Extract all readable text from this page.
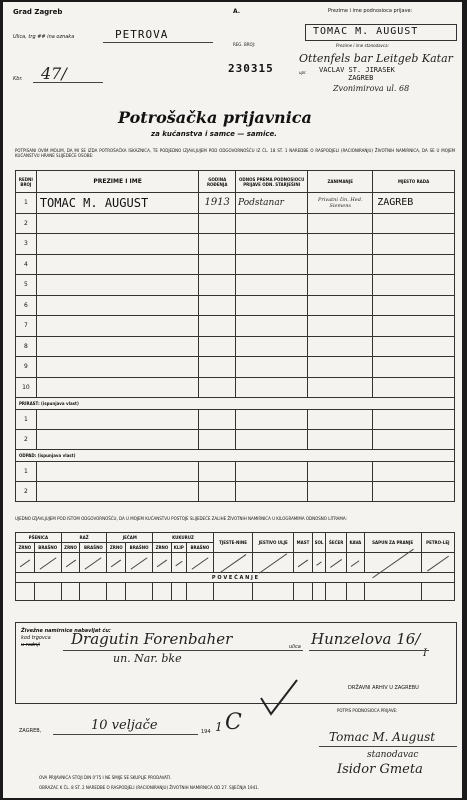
Grad Zagreb	A.
Ulica, trg ## ina oznaka	PETROVA
Kbr. 47/
REG. BROJ:
230315
Prezime i ime podnosioca prijave:
TOMAC M. AUGUST
Prezime i ime stanodavca:
Ottenfels bar Leitgeb Katar
upr. VACLAV ST. JIRASEK
ZAGREB
Zvonimirova ul. 68
Potrošačka prijavnica
za kućanstva i samce — samice.
POTPISANI OVIM MOLIM, DA MI SE IZDA POTROŠAČKA ISKAZNICA, TE PODJEDNO IZJAVLJUJEM POD ODGOVORNOŠĆU IZ ČL. 18 ST. 1 NAREDBE O RASPODJELI (RACIONIRANJU) ŽIVOTNIH NAMIRNICA, DA SE U MOJEM KUĆANSTVU HRANE SLIJEDEĆE OSOBE:
REDNI BROJ	PREZIME I IME	GODINA ROĐENJA	ODNOS PREMA PODNOSIOCU PRIJAVE ODN. STARJEŠINI	ZANIMANJE	MJESTO RADA
1	TOMAC M. AUGUST	1913	Podstanar	Privatni čin. Hed. Siemens	ZAGREB
2					
3					
4					
5					
6					
7					
8					
9					
10					
PRIRAST: (ispunjava vlast)					
1					
2					
ODPAD: (ispunjava vlast)					
1					
2					
UJEDNO IZJAVLJUJEM POD ISTOM ODGOVORNOŠĆU, DA U MOJEM KUĆANSTVU POSTOJE SLIJEDEĆE ZALIHE ŽIVOTNIH NAMIRNICA U KILOGRAMIMA ODNOSNO LITRAMA:
PŠENICA		RAŽ		JEČAM		KUKURUZ			TJESTE-NINE	JESTIVO ULJE	MAST	SOL	ŠEĆER	KAVA	SAPUN ZA PRANJE	PETRO-LEJ
ZRNO	BRAŠNO	ZRNO	BRAŠNO	ZRNO	BRAŠNO	ZRNO	KLIP	BRAŠNO								

P O V E Ć A N J E																

Živežne namirnice nabavljat ću:
kod trgovca
u radnji Dragutin Forenbaher
un. Nar. bke
ulica Hunzelova 16/
I
DRŽAVNI ARHIV U ZAGREBU
ZAGREB,	10 veljače	194 1 C	POTPIS PODNOSIOCA PRIJAVE:
Tomac M. August
stanodavac
Isidor Gmeta
OVA PRIJAVNICA STOJI DIN 0'75 I NE SMIJE SE SKUPLJE PRODAVATI.
OBRAZAC K ČL. 8 ST. 2 NAREDBE O RASPODJELI (RACIONIRANJU) ŽIVOTNIH NAMIRNICA OD 27. SIJEČNJA 1941.
